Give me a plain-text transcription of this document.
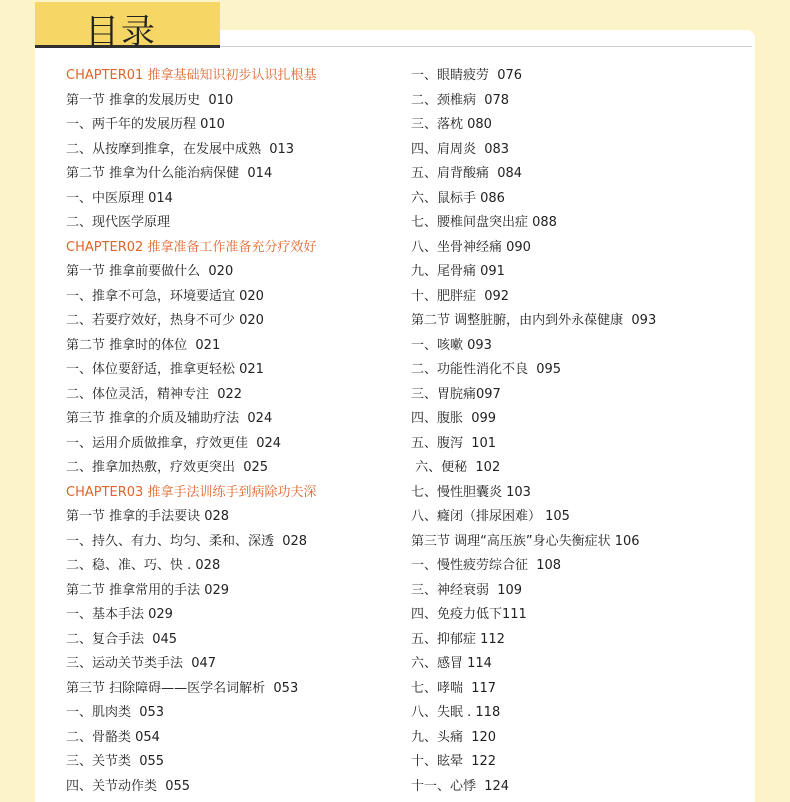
目录
CHAPTER01 推拿基础知识初步认识扎根基
第一节 推拿的发展历史  010
一、两千年的发展历程 010
二、从按摩到推拿，在发展中成熟  013
第二节 推拿为什么能治病保健  014
一、中医原理 014
二、现代医学原理
CHAPTER02 推拿准备工作准备充分疗效好
第一节 推拿前要做什么  020
一、推拿不可急，环境要适宜 020
二、若要疗效好，热身不可少 020
第二节 推拿时的体位  021
一、体位要舒适，推拿更轻松 021
二、体位灵活，精神专注  022
第三节 推拿的介质及辅助疗法  024
一、运用介质做推拿，疗效更佳  024
二、推拿加热敷，疗效更突出  025
CHAPTER03 推拿手法训练手到病除功夫深
第一节 推拿的手法要诀 028
一、持久、有力、均匀、柔和、深透  028
二、稳、准、巧、快 . 028
第二节 推拿常用的手法 029
一、基本手法 029
二、复合手法  045
三、运动关节类手法  047
第三节 扫除障碍——医学名词解析  053
一、肌肉类  053
二、骨骼类 054
三、关节类  055
四、关节动作类  055
一、眼睛疲劳  076
二、颈椎病  078
三、落枕 080
四、肩周炎  083
五、肩背酸痛  084
六、鼠标手 086
七、腰椎间盘突出症 088
八、坐骨神经痛 090
九、尾骨痛 091
十、肥胖症  092
第二节 调整脏腑，由内到外永葆健康  093
一、咳嗽 093
二、功能性消化不良  095
三、胃脘痛097
四、腹胀  099
五、腹泻  101
六、便秘  102
七、慢性胆囊炎 103
八、癃闭（排尿困难） 105
第三节 调理“高压族”身心失衡症状 106
一、慢性疲劳综合征  108
三、神经衰弱  109
四、免疫力低下111
五、抑郁症 112
六、感冒 114
七、哮喘  117
八、失眠 . 118
九、头痛  120
十、眩晕  122
十一、心悸  124
